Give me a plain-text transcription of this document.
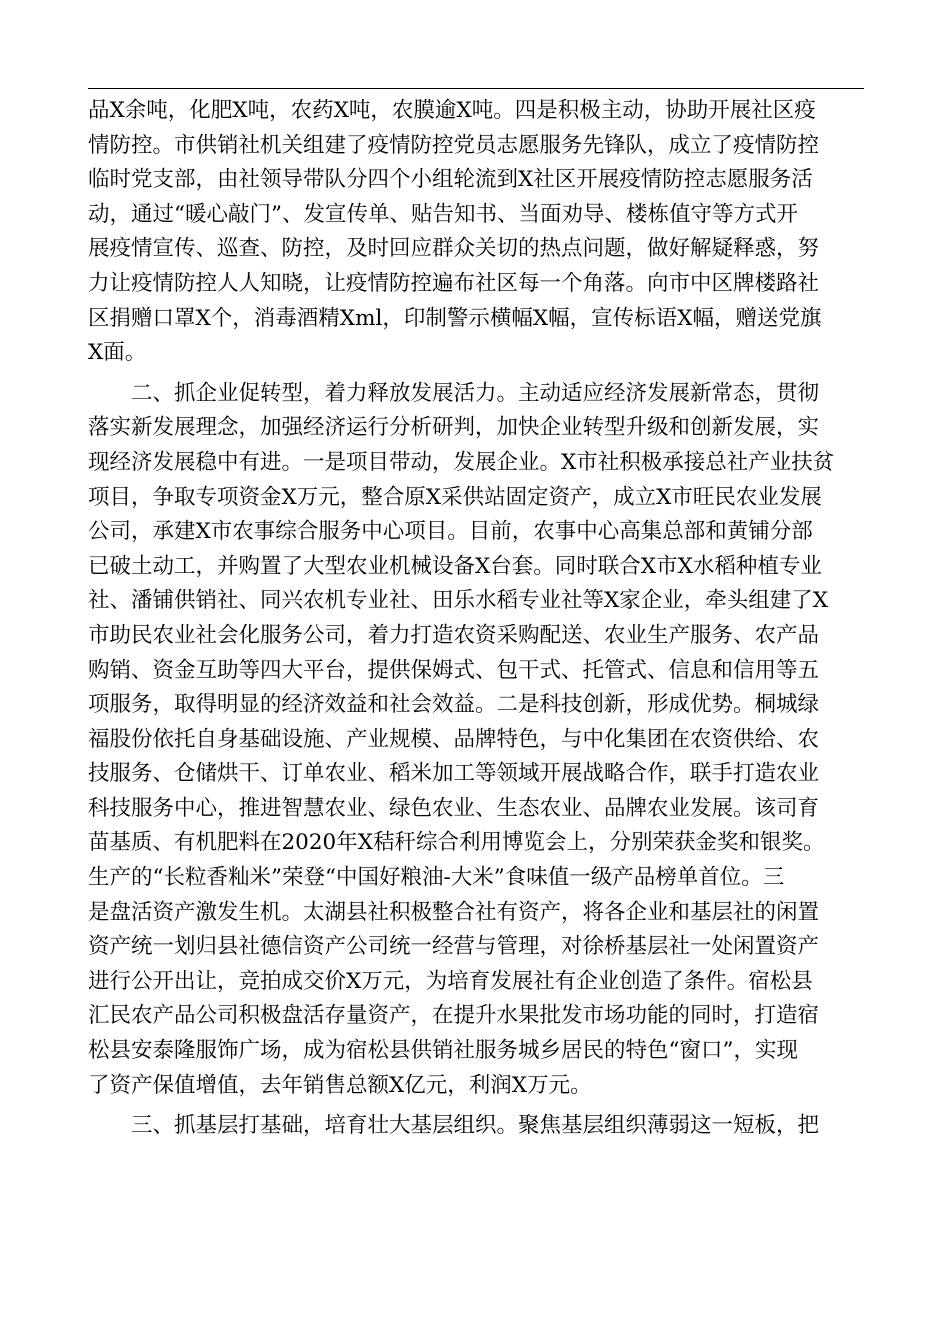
品X余吨，化肥X吨，农药X吨，农膜逾X吨。四是积极主动，协助开展社区疫
情防控。市供销社机关组建了疫情防控党员志愿服务先锋队，成立了疫情防控
临时党支部，由社领导带队分四个小组轮流到X社区开展疫情防控志愿服务活
动，通过“暖心敲门”、发宣传单、贴告知书、当面劝导、楼栋值守等方式开
展疫情宣传、巡查、防控，及时回应群众关切的热点问题，做好解疑释惑，努
力让疫情防控人人知晓，让疫情防控遍布社区每一个角落。向市中区牌楼路社
区捐赠口罩X个，消毒酒精Xml，印制警示横幅X幅，宣传标语X幅，赠送党旗
X面。
　　二、抓企业促转型，着力释放发展活力。主动适应经济发展新常态，贯彻
落实新发展理念，加强经济运行分析研判，加快企业转型升级和创新发展，实
现经济发展稳中有进。一是项目带动，发展企业。X市社积极承接总社产业扶贫
项目，争取专项资金X万元，整合原X采供站固定资产，成立X市旺民农业发展
公司，承建X市农事综合服务中心项目。目前，农事中心高集总部和黄铺分部
已破土动工，并购置了大型农业机械设备X台套。同时联合X市X水稻种植专业
社、潘铺供销社、同兴农机专业社、田乐水稻专业社等X家企业，牵头组建了X
市助民农业社会化服务公司，着力打造农资采购配送、农业生产服务、农产品
购销、资金互助等四大平台，提供保姆式、包干式、托管式、信息和信用等五
项服务，取得明显的经济效益和社会效益。二是科技创新，形成优势。桐城绿
福股份依托自身基础设施、产业规模、品牌特色，与中化集团在农资供给、农
技服务、仓储烘干、订单农业、稻米加工等领域开展战略合作，联手打造农业
科技服务中心，推进智慧农业、绿色农业、生态农业、品牌农业发展。该司育
苗基质、有机肥料在2020年X秸秆综合利用博览会上，分别荣获金奖和银奖。
生产的“长粒香籼米”荣登“中国好粮油-大米”食味值一级产品榜单首位。三
是盘活资产激发生机。太湖县社积极整合社有资产，将各企业和基层社的闲置
资产统一划归县社德信资产公司统一经营与管理，对徐桥基层社一处闲置资产
进行公开出让，竞拍成交价X万元，为培育发展社有企业创造了条件。宿松县
汇民农产品公司积极盘活存量资产，在提升水果批发市场功能的同时，打造宿
松县安泰隆服饰广场，成为宿松县供销社服务城乡居民的特色“窗口”，实现
了资产保值增值，去年销售总额X亿元，利润X万元。
　　三、抓基层打基础，培育壮大基层组织。聚焦基层组织薄弱这一短板，把
